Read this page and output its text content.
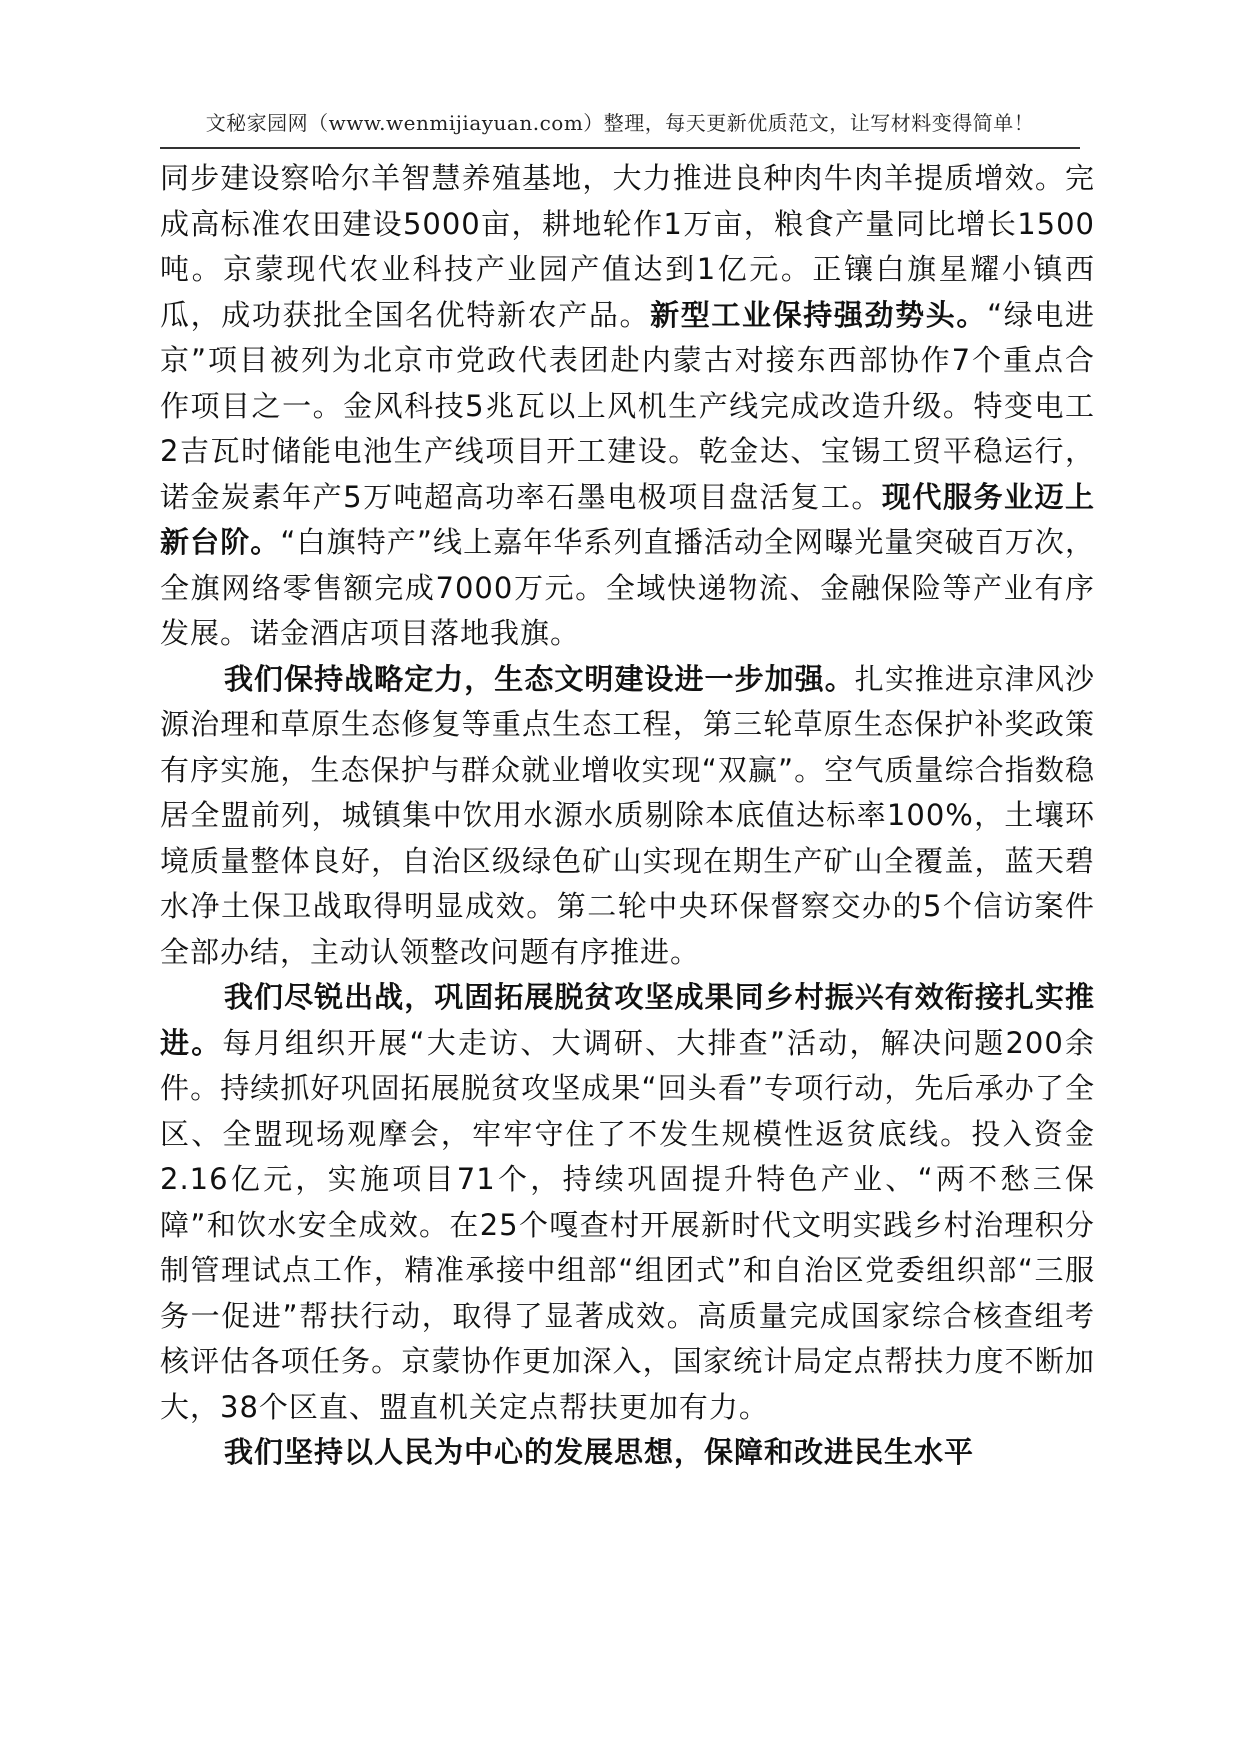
文秘家园网（www.wenmijiayuan.com）整理，每天更新优质范文，让写材料变得简单！

同步建设察哈尔羊智慧养殖基地，大力推进良种肉牛肉羊提质增效。完成高标准农田建设5000亩，耕地轮作1万亩，粮食产量同比增长1500吨。京蒙现代农业科技产业园产值达到1亿元。正镶白旗星耀小镇西瓜，成功获批全国名优特新农产品。新型工业保持强劲势头。“绿电进京”项目被列为北京市党政代表团赴内蒙古对接东西部协作7个重点合作项目之一。金风科技5兆瓦以上风机生产线完成改造升级。特变电工2吉瓦时储能电池生产线项目开工建设。乾金达、宝锡工贸平稳运行，诺金炭素年产5万吨超高功率石墨电极项目盘活复工。现代服务业迈上新台阶。“白旗特产”线上嘉年华系列直播活动全网曝光量突破百万次，全旗网络零售额完成7000万元。全域快递物流、金融保险等产业有序发展。诺金酒店项目落地我旗。

我们保持战略定力，生态文明建设进一步加强。扎实推进京津风沙源治理和草原生态修复等重点生态工程，第三轮草原生态保护补奖政策有序实施，生态保护与群众就业增收实现“双赢”。空气质量综合指数稳居全盟前列，城镇集中饮用水源水质剔除本底值达标率100%，土壤环境质量整体良好，自治区级绿色矿山实现在期生产矿山全覆盖，蓝天碧水净土保卫战取得明显成效。第二轮中央环保督察交办的5个信访案件全部办结，主动认领整改问题有序推进。

我们尽锐出战，巩固拓展脱贫攻坚成果同乡村振兴有效衔接扎实推进。每月组织开展“大走访、大调研、大排查”活动，解决问题200余件。持续抓好巩固拓展脱贫攻坚成果“回头看”专项行动，先后承办了全区、全盟现场观摩会，牢牢守住了不发生规模性返贫底线。投入资金2.16亿元，实施项目71个，持续巩固提升特色产业、“两不愁三保障”和饮水安全成效。在25个嘎查村开展新时代文明实践乡村治理积分制管理试点工作，精准承接中组部“组团式”和自治区党委组织部“三服务一促进”帮扶行动，取得了显著成效。高质量完成国家综合核查组考核评估各项任务。京蒙协作更加深入，国家统计局定点帮扶力度不断加大，38个区直、盟直机关定点帮扶更加有力。

我们坚持以人民为中心的发展思想，保障和改进民生水平
